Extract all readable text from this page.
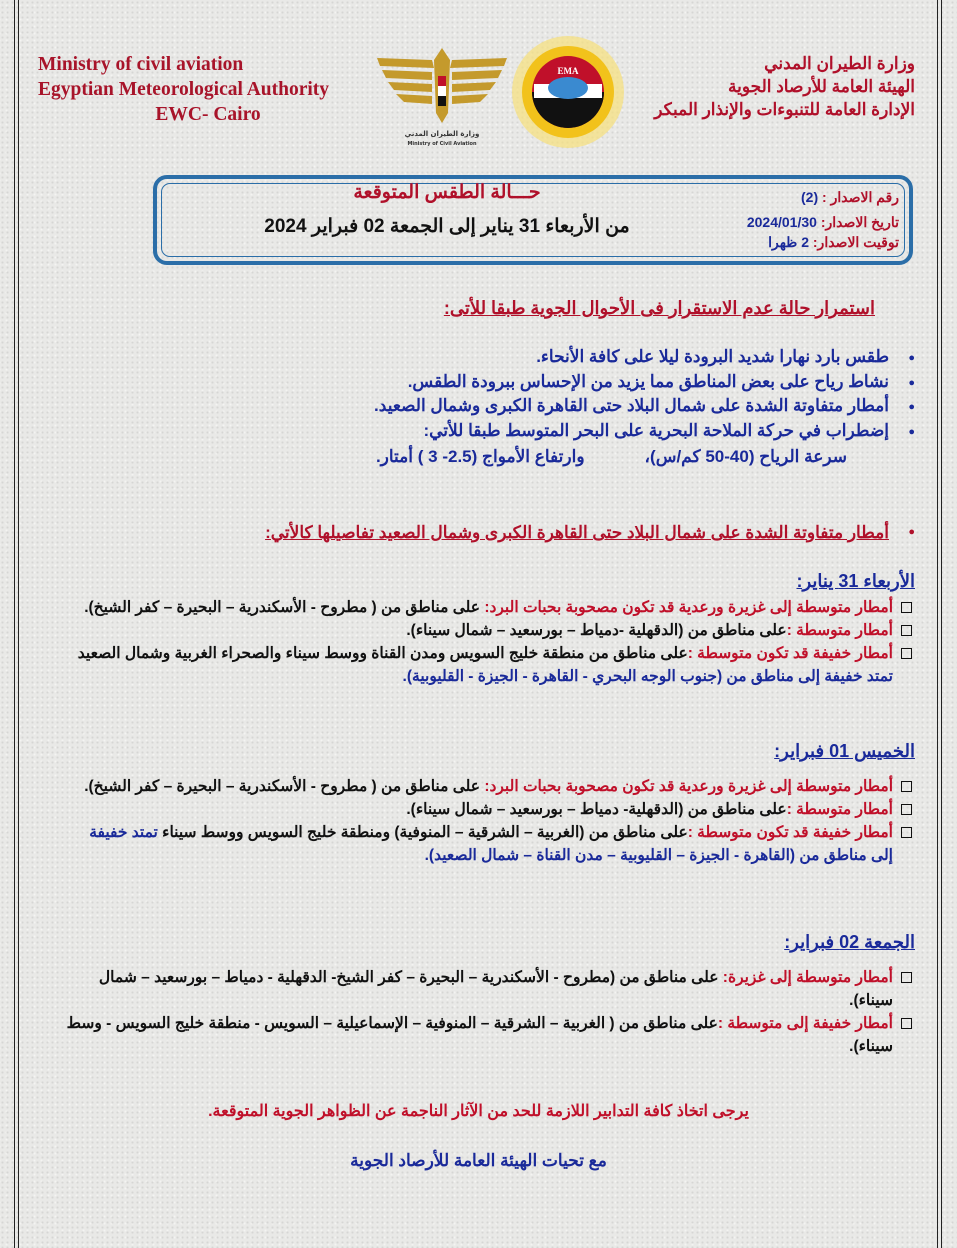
Ministry of civil aviation
Egyptian Meteorological Authority
EWC- Cairo
وزارة الطيران المدني
Ministry of Civil Aviation
EMA	وزارة الطيران المدني
الهيئة العامة للأرصاد الجوية
الإدارة العامة للتنبوءات والإنذار المبكر
رقم الاصدار : (2)
تاريخ الاصدار: 2024/01/30
توقيت الاصدار: 2 ظهرا
حـــالة الطقس المتوقعة
من الأربعاء 31 يناير إلى الجمعة 02 فبراير 2024
استمرار حالة عدم الاستقرار فى الأحوال الجوية طبقا للأتى:
● طقس بارد نهارا شديد البرودة ليلا على كافة الأنحاء.
● نشاط رياح على بعض المناطق مما يزيد من الإحساس ببرودة الطقس.
● أمطار متفاوتة الشدة على شمال البلاد حتى القاهرة الكبرى وشمال الصعيد.
● إضطراب في حركة الملاحة البحرية على البحر المتوسط طبقا للأتي:
سرعة الرياح (40-50 كم/س)،وارتفاع الأمواج (2.5- 3 ) أمتار.
● أمطار متفاوتة الشدة على شمال البلاد حتى القاهرة الكبرى وشمال الصعيد تفاصيلها كالأتي:
الأربعاء 31 يناير:
أمطار متوسطة إلى غزيرة ورعدية قد تكون مصحوبة بحبات البرد: على مناطق من ( مطروح - الأسكندرية – البحيرة – كفر الشيخ).
أمطار متوسطة :على مناطق من (الدقهلية -دمياط – بورسعيد – شمال سيناء).
أمطار خفيفة قد تكون متوسطة :على مناطق من منطقة خليج السويس ومدن القناة ووسط سيناء والصحراء الغربية وشمال الصعيد تمتد خفيفة إلى مناطق من (جنوب الوجه البحري - القاهرة - الجيزة - القليوبية).
الخميس 01 فبراير:
أمطار متوسطة إلى غزيرة ورعدية قد تكون مصحوبة بحبات البرد: على مناطق من ( مطروح - الأسكندرية – البحيرة – كفر الشيخ).
أمطار متوسطة :على مناطق من (الدقهلية- دمياط – بورسعيد – شمال سيناء).
أمطار خفيفة قد تكون متوسطة :على مناطق من (الغربية – الشرقية – المنوفية) ومنطقة خليج السويس ووسط سيناء تمتد خفيفة إلى مناطق من (القاهرة - الجيزة – القليوبية – مدن القناة – شمال الصعيد).
الجمعة 02 فبراير:
أمطار متوسطة إلى غزيرة: على مناطق من (مطروح - الأسكندرية – البحيرة – كفر الشيخ- الدقهلية - دمياط – بورسعيد – شمال سيناء).
أمطار خفيفة إلى متوسطة :على مناطق من ( الغربية – الشرقية – المنوفية – الإسماعيلية – السويس - منطقة خليج السويس - وسط سيناء).
يرجى اتخاذ كافة التدابير اللازمة للحد من الآثار الناجمة عن الظواهر الجوية المتوقعة.
مع تحيات الهيئة العامة للأرصاد الجوية
